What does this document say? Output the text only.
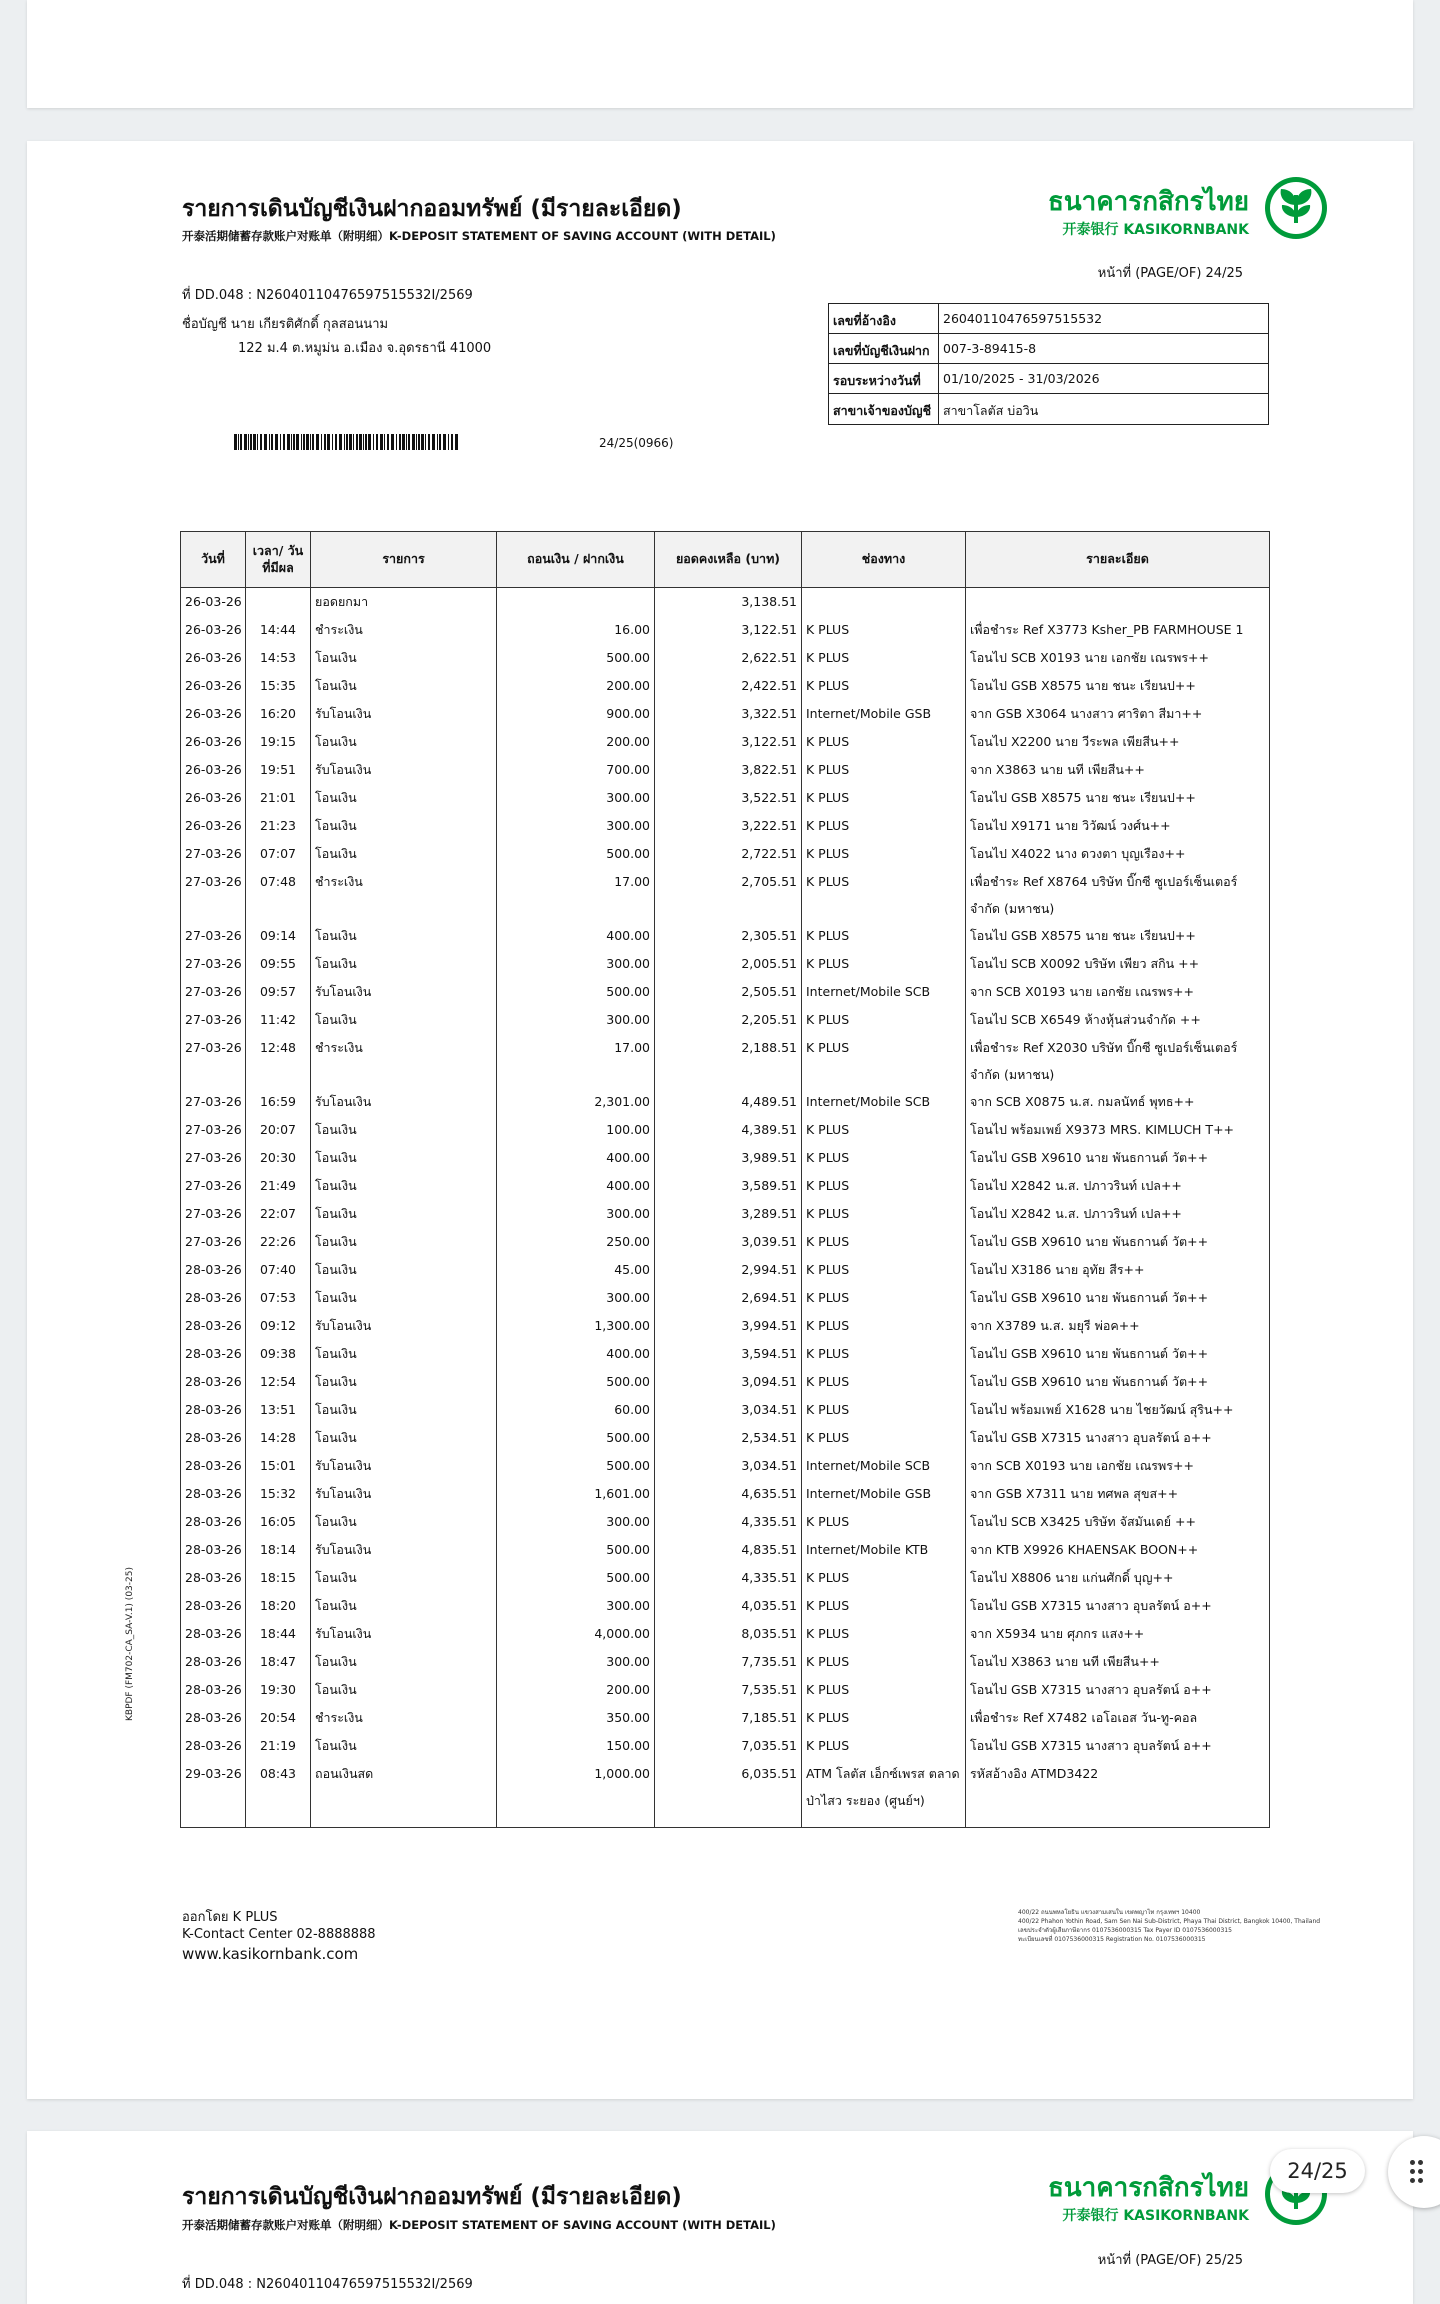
รายการเดินบัญชีเงินฝากออมทรัพย์ (มีรายละเอียด)
开泰活期储蓄存款账户对账单（附明细）K-DEPOSIT STATEMENT OF SAVING ACCOUNT (WITH DETAIL)
ธนาคารกสิกรไทย
开泰银行 KASIKORNBANK
หน้าที่ (PAGE/OF) 24/25
ที่ DD.048 : N26040110476597515532I/2569
ชื่อบัญชี นาย เกียรติศักดิ์ กุลสอนนาม
122 ม.4 ต.หมูม่น อ.เมือง จ.อุดรธานี 41000
เลขที่อ้างอิง	26040110476597515532
เลขที่บัญชีเงินฝาก	007-3-89415-8
รอบระหว่างวันที่	01/10/2025 - 31/03/2026
สาขาเจ้าของบัญชี สาขาโลตัส บ่อวิน
24/25(0966)
วันที่	เวลา/ วันที่มีผล	รายการ	ถอนเงิน / ฝากเงิน	ยอดคงเหลือ (บาท)	ช่องทาง	รายละเอียด
26-03-26		ยอดยกมา		3,138.51		
26-03-26	14:44	ชำระเงิน	16.00	3,122.51	K PLUS	เพื่อชำระ Ref X3773 Ksher_PB FARMHOUSE 1
26-03-26	14:53	โอนเงิน	500.00	2,622.51	K PLUS	โอนไป SCB X0193 นาย เอกชัย เณรพร++
26-03-26	15:35	โอนเงิน	200.00	2,422.51	K PLUS	โอนไป GSB X8575 นาย ชนะ เรียนป++
26-03-26	16:20	รับโอนเงิน	900.00	3,322.51	Internet/Mobile GSB	จาก GSB X3064 นางสาว ศาริตา สีมา++
26-03-26	19:15	โอนเงิน	200.00	3,122.51	K PLUS	โอนไป X2200 นาย วีระพล เพียสีน++
26-03-26	19:51	รับโอนเงิน	700.00	3,822.51	K PLUS	จาก X3863 นาย นที เพียสีน++
26-03-26	21:01	โอนเงิน	300.00	3,522.51	K PLUS	โอนไป GSB X8575 นาย ชนะ เรียนป++
26-03-26	21:23	โอนเงิน	300.00	3,222.51	K PLUS	โอนไป X9171 นาย วิวัฒน์ วงศ์น++
27-03-26	07:07	โอนเงิน	500.00	2,722.51	K PLUS	โอนไป X4022 นาง ดวงตา บุญเรือง++
27-03-26	07:48	ชำระเงิน	17.00	2,705.51	K PLUS	เพื่อชำระ Ref X8764 บริษัท บิ๊กซี ซูเปอร์เซ็นเตอร์ จำกัด (มหาชน)
27-03-26	09:14	โอนเงิน	400.00	2,305.51	K PLUS	โอนไป GSB X8575 นาย ชนะ เรียนป++
27-03-26	09:55	โอนเงิน	300.00	2,005.51	K PLUS	โอนไป SCB X0092 บริษัท เพียว สกิน ++
27-03-26	09:57	รับโอนเงิน	500.00	2,505.51	Internet/Mobile SCB	จาก SCB X0193 นาย เอกชัย เณรพร++
27-03-26	11:42	โอนเงิน	300.00	2,205.51	K PLUS	โอนไป SCB X6549 ห้างหุ้นส่วนจำกัด ++
27-03-26	12:48	ชำระเงิน	17.00	2,188.51	K PLUS	เพื่อชำระ Ref X2030 บริษัท บิ๊กซี ซูเปอร์เซ็นเตอร์ จำกัด (มหาชน)
27-03-26	16:59	รับโอนเงิน	2,301.00	4,489.51	Internet/Mobile SCB	จาก SCB X0875 น.ส. กมลนัทธ์ พุทธ++
27-03-26	20:07	โอนเงิน	100.00	4,389.51	K PLUS	โอนไป พร้อมเพย์ X9373 MRS. KIMLUCH T++
27-03-26	20:30	โอนเงิน	400.00	3,989.51	K PLUS	โอนไป GSB X9610 นาย พันธกานต์ วัต++
27-03-26	21:49	โอนเงิน	400.00	3,589.51	K PLUS	โอนไป X2842 น.ส. ปภาวรินท์ เปล++
27-03-26	22:07	โอนเงิน	300.00	3,289.51	K PLUS	โอนไป X2842 น.ส. ปภาวรินท์ เปล++
27-03-26	22:26	โอนเงิน	250.00	3,039.51	K PLUS	โอนไป GSB X9610 นาย พันธกานต์ วัต++
28-03-26	07:40	โอนเงิน	45.00	2,994.51	K PLUS	โอนไป X3186 นาย อุทัย สีร++
28-03-26	07:53	โอนเงิน	300.00	2,694.51	K PLUS	โอนไป GSB X9610 นาย พันธกานต์ วัต++
28-03-26	09:12	รับโอนเงิน	1,300.00	3,994.51	K PLUS	จาก X3789 น.ส. มยุรี พ่อค++
28-03-26	09:38	โอนเงิน	400.00	3,594.51	K PLUS	โอนไป GSB X9610 นาย พันธกานต์ วัต++
28-03-26	12:54	โอนเงิน	500.00	3,094.51	K PLUS	โอนไป GSB X9610 นาย พันธกานต์ วัต++
28-03-26	13:51	โอนเงิน	60.00	3,034.51	K PLUS	โอนไป พร้อมเพย์ X1628 นาย ไชยวัฒน์ สุริน++
28-03-26	14:28	โอนเงิน	500.00	2,534.51	K PLUS	โอนไป GSB X7315 นางสาว อุบลรัตน์ อ++
28-03-26	15:01	รับโอนเงิน	500.00	3,034.51	Internet/Mobile SCB	จาก SCB X0193 นาย เอกชัย เณรพร++
28-03-26	15:32	รับโอนเงิน	1,601.00	4,635.51	Internet/Mobile GSB	จาก GSB X7311 นาย ทศพล สุขส++
28-03-26	16:05	โอนเงิน	300.00	4,335.51	K PLUS	โอนไป SCB X3425 บริษัท จัสมันเดย์ ++
28-03-26	18:14	รับโอนเงิน	500.00	4,835.51	Internet/Mobile KTB	จาก KTB X9926 KHAENSAK BOON++
28-03-26	18:15	โอนเงิน	500.00	4,335.51	K PLUS	โอนไป X8806 นาย แก่นศักดิ์ บุญ++
28-03-26	18:20	โอนเงิน	300.00	4,035.51	K PLUS	โอนไป GSB X7315 นางสาว อุบลรัตน์ อ++
28-03-26	18:44	รับโอนเงิน	4,000.00	8,035.51	K PLUS	จาก X5934 นาย ศุภกร แสง++
28-03-26	18:47	โอนเงิน	300.00	7,735.51	K PLUS	โอนไป X3863 นาย นที เพียสีน++
28-03-26	19:30	โอนเงิน	200.00	7,535.51	K PLUS	โอนไป GSB X7315 นางสาว อุบลรัตน์ อ++
28-03-26	20:54	ชำระเงิน	350.00	7,185.51	K PLUS	เพื่อชำระ Ref X7482 เอโอเอส วัน-ทู-คอล
28-03-26	21:19	โอนเงิน	150.00	7,035.51	K PLUS	โอนไป GSB X7315 นางสาว อุบลรัตน์ อ++
29-03-26	08:43	ถอนเงินสด	1,000.00	6,035.51	ATM โลตัส เอ็กซ์เพรส ตลาดป่าไสว ระยอง (ศูนย์ฯ)	รหัสอ้างอิง ATMD3422

KBPDF (FM702-CA_SA-V.1) (03-25)
ออกโดย K PLUS
K-Contact Center 02-8888888
www.kasikornbank.com
400/22 ถนนพหลโยธิน แขวงสามเสนใน เขตพญาไท กรุงเทพฯ 10400
400/22 Phahon Yothin Road, Sam Sen Nai Sub-District, Phaya Thai District, Bangkok 10400, Thailand
เลขประจำตัวผู้เสียภาษีอากร 0107536000315 Tax Payer ID 0107536000315
ทะเบียนเลขที่ 0107536000315 Registration No. 0107536000315
รายการเดินบัญชีเงินฝากออมทรัพย์ (มีรายละเอียด)
开泰活期储蓄存款账户对账单（附明细）K-DEPOSIT STATEMENT OF SAVING ACCOUNT (WITH DETAIL)
ธนาคารกสิกรไทย
开泰银行 KASIKORNBANK
หน้าที่ (PAGE/OF) 25/25
ที่ DD.048 : N26040110476597515532I/2569
24/25
